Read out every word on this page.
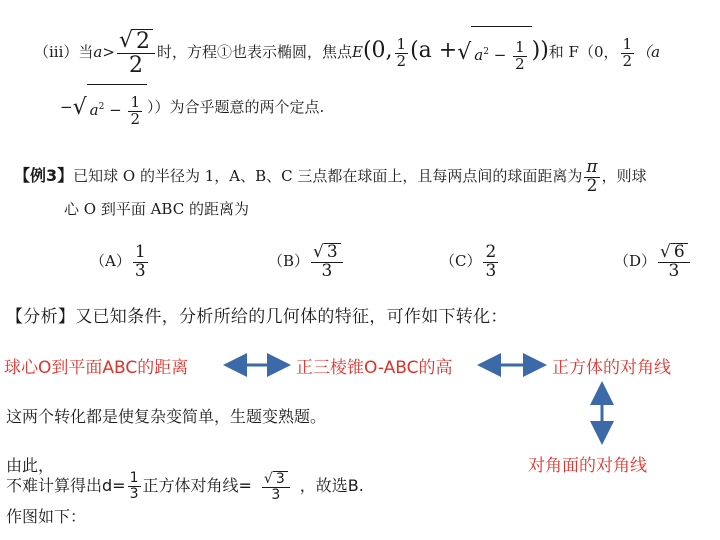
（iii）当$a> \frac{√ 2}{2}$ 时，方程①也表示椭圆，焦点E(0, $\frac{1}{2} (a$ +√ $a^2 - \frac{1}{2}$ ))和 F（0， $\frac{1}{2} (a$
−√ $a^2 - \frac{1}{2}$ ））为合乎题意的两个定点.
【例3】已知球 O 的半径为 1，A、B、C 三点都在球面上，且每两点间的球面距离为 $\frac{\pi}{2}$ ，则球
心 O 到平面 ABC 的距离为
$(A) \frac{1}{3}$	$(B) \frac{√ 3}{3}$	$(C) \frac{2}{3}$	$(D) \frac{√ 6}{3}$
【分析】又已知条件，分析所给的几何体的特征，可作如下转化：
球心O到平面ABC的距离	正三棱锥O-ABC的高	正方体的对角线
对角面的对角线
这两个转化都是使复杂变简单，生题变熟题。
由此，
不难计算得出$d= \frac{1}{3}$ 正方体对角线= $\frac{√ 3}{3}$ ，故选B.
作图如下：
